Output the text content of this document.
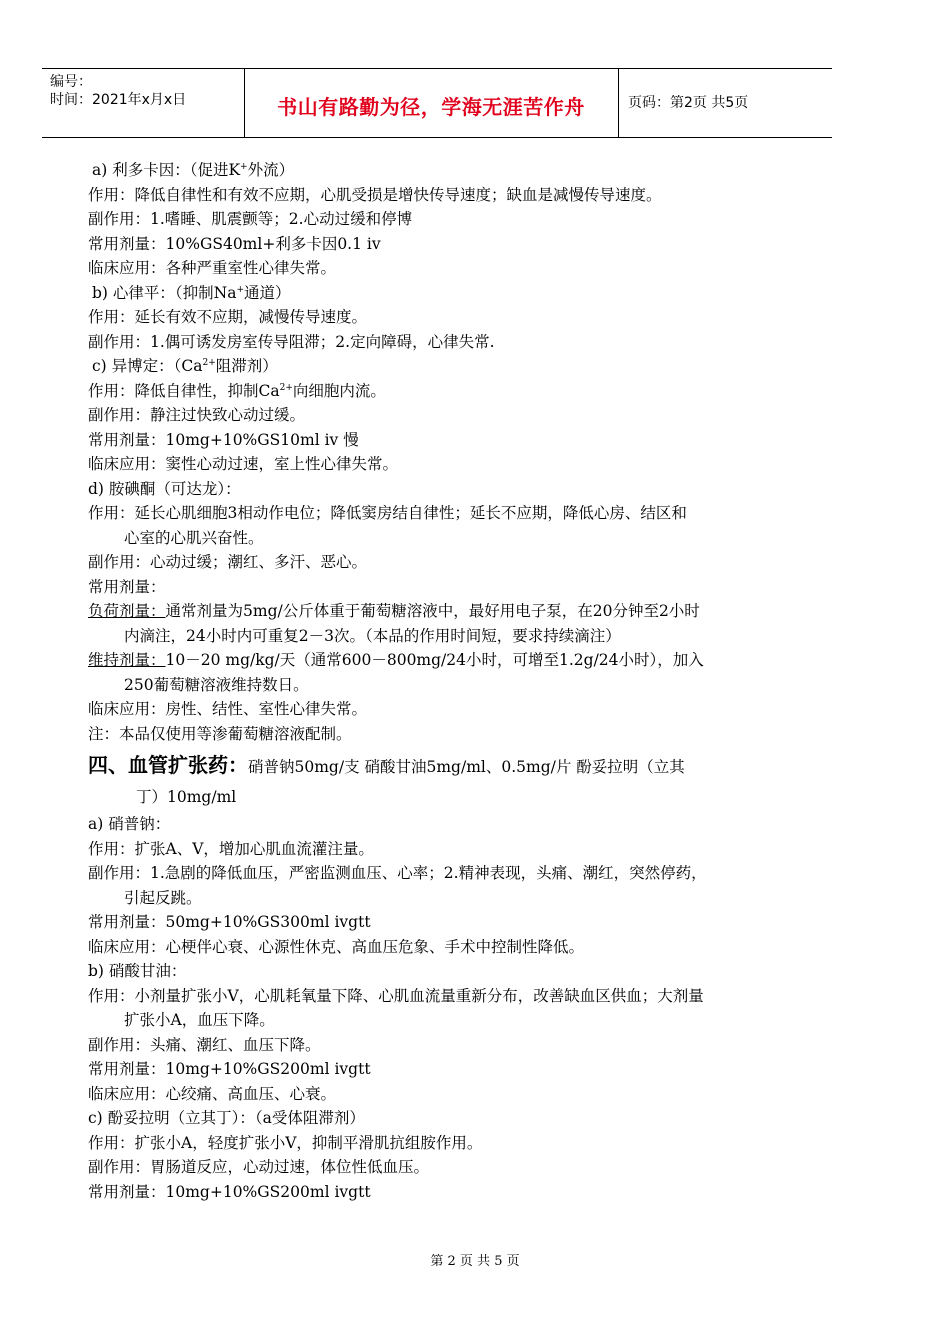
编号：
时间：2021年x月x日	书山有路勤为径，学海无涯苦作舟	页码：第2页 共5页
a) 利多卡因：（促进K+外流）
作用：降低自律性和有效不应期，心肌受损是增快传导速度；缺血是减慢传导速度。
副作用：1.嗜睡、肌震颤等；2.心动过缓和停博
常用剂量：10%GS40ml+利多卡因0.1 iv
临床应用：各种严重室性心律失常。
b) 心律平：（抑制Na+通道）
作用：延长有效不应期，减慢传导速度。
副作用：1.偶可诱发房室传导阻滞；2.定向障碍，心律失常.
c) 异博定：（$Ca^{2+}$阻滞剂）
作用：降低自律性，抑制$Ca^{2+}$向细胞内流。
副作用：静注过快致心动过缓。
常用剂量：10mg+10%GS10ml iv 慢
临床应用：窦性心动过速，室上性心律失常。
d) 胺碘酮（可达龙）：
作用：延长心肌细胞3相动作电位；降低窦房结自律性；延长不应期，降低心房、结区和
心室的心肌兴奋性。
副作用：心动过缓；潮红、多汗、恶心。
常用剂量：
负荷剂量：通常剂量为5mg/公斤体重于葡萄糖溶液中，最好用电子泵，在20分钟至2小时
内滴注，24小时内可重复2－3次。（本品的作用时间短，要求持续滴注）
维持剂量：10－20 mg/kg/天（通常600－800mg/24小时，可增至1.2g/24小时），加入
250葡萄糖溶液维持数日。
临床应用：房性、结性、室性心律失常。
注：本品仅使用等渗葡萄糖溶液配制。
四、血管扩张药：硝普钠50mg/支 硝酸甘油5mg/ml、0.5mg/片 酚妥拉明（立其
丁）10mg/ml
a) 硝普钠：
作用：扩张A、V，增加心肌血流灌注量。
副作用：1.急剧的降低血压，严密监测血压、心率；2.精神表现，头痛、潮红，突然停药，
引起反跳。
常用剂量：50mg+10%GS300ml ivgtt
临床应用：心梗伴心衰、心源性休克、高血压危象、手术中控制性降低。
b) 硝酸甘油：
作用：小剂量扩张小V，心肌耗氧量下降、心肌血流量重新分布，改善缺血区供血；大剂量
扩张小A，血压下降。
副作用：头痛、潮红、血压下降。
常用剂量：10mg+10%GS200ml ivgtt
临床应用：心绞痛、高血压、心衰。
c) 酚妥拉明（立其丁）：（a受体阻滞剂）
作用：扩张小A，轻度扩张小V，抑制平滑肌抗组胺作用。
副作用：胃肠道反应，心动过速，体位性低血压。
常用剂量：10mg+10%GS200ml ivgtt
第 2 页 共 5 页
